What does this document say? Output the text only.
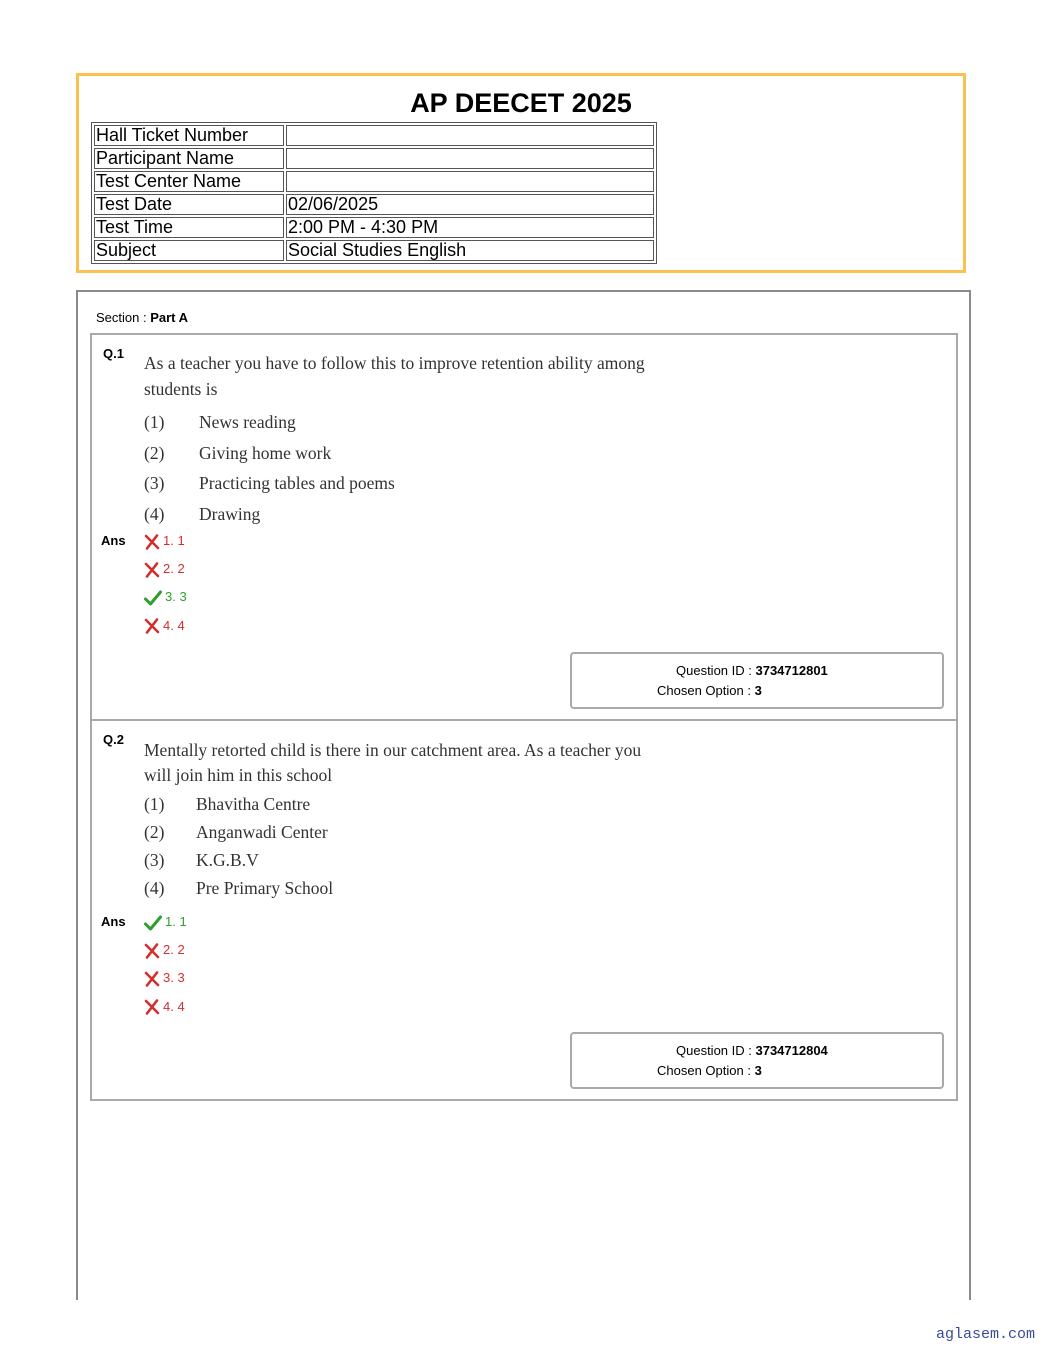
AP DEECET 2025
Hall Ticket Number	
Participant Name	
Test Center Name	
Test Date	02/06/2025
Test Time	2:00 PM - 4:30 PM
Subject	Social Studies English
Section : Part A
Q.1 As a teacher you have to follow this to improve retention ability among students is
(1) News reading
(2) Giving home work
(3) Practicing tables and poems
(4) Drawing
Ans	1. 1
2. 2
3. 3
4. 4
Question ID : 3734712801
Chosen Option : 3
Q.2
Mentally retorted child is there in our catchment area. As a teacher you will join him in this school
(1) Bhavitha Centre
(2) Anganwadi Center
(3) K.G.B.V
(4) Pre Primary School
Ans	1. 1
2. 2
3. 3
4. 4
Question ID : 3734712804
Chosen Option : 3
aglasem.com
